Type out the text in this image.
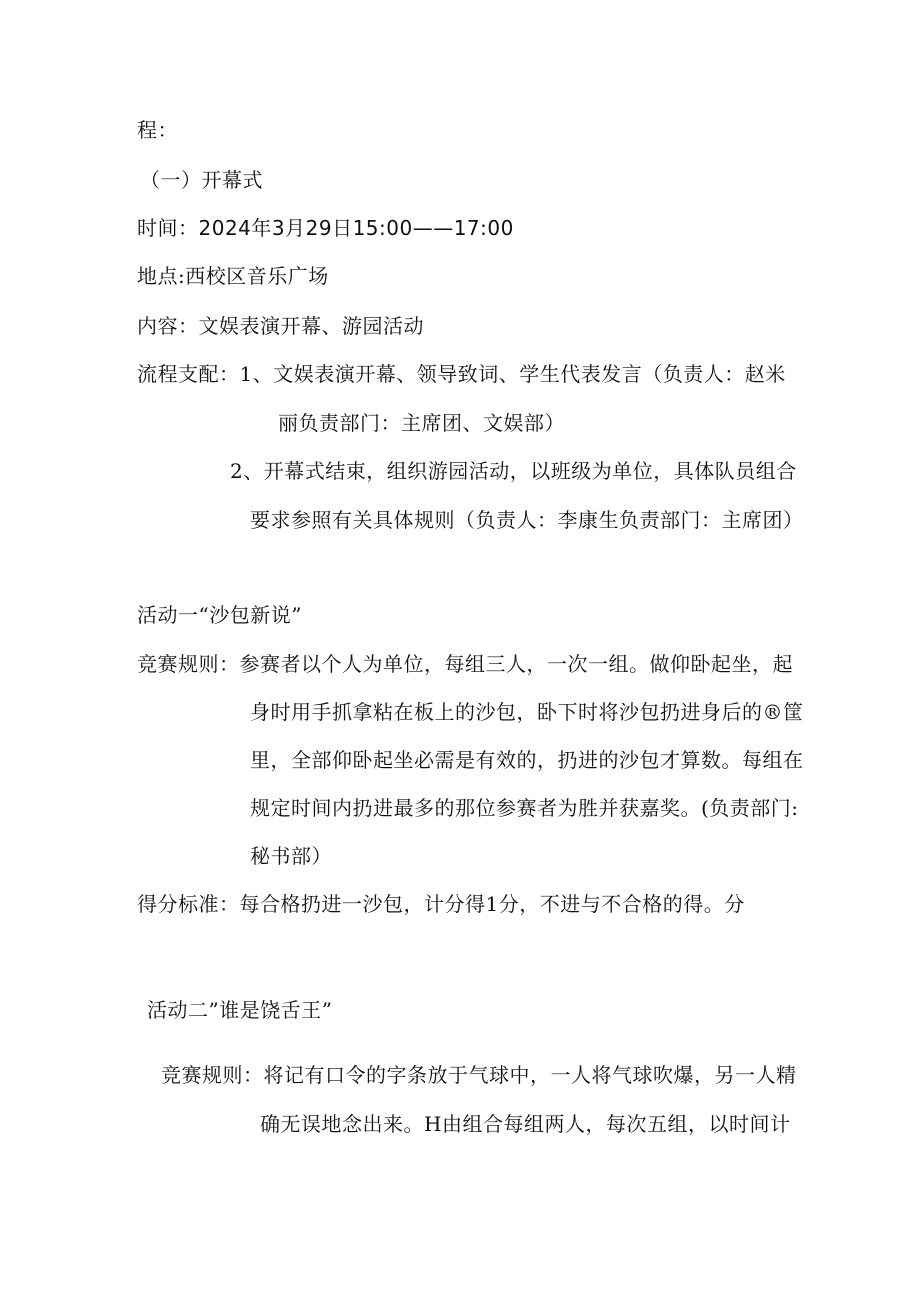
程：
（一）开幕式
时间：2024年3月29日15:00——17:00
地点:西校区音乐广场
内容：文娱表演开幕、游园活动
流程支配：1、文娱表演开幕、领导致词、学生代表发言（负责人：赵米
丽负责部门：主席团、文娱部）
2、开幕式结束，组织游园活动，以班级为单位，具体队员组合
要求参照有关具体规则（负责人：李康生负责部门：主席团）
活动一“沙包新说”
竞赛规则：参赛者以个人为单位，每组三人，一次一组。做仰卧起坐，起
身时用手抓拿粘在板上的沙包，卧下时将沙包扔进身后的®筐
里，全部仰卧起坐必需是有效的，扔进的沙包才算数。每组在
规定时间内扔进最多的那位参赛者为胜并获嘉奖。(负责部门:
秘书部）
得分标准：每合格扔进一沙包，计分得1分，不进与不合格的得。分
活动二”谁是饶舌王”
竞赛规则：将记有口令的字条放于气球中，一人将气球吹爆，另一人精
确无误地念出来。H由组合每组两人，每次五组，以时间计
